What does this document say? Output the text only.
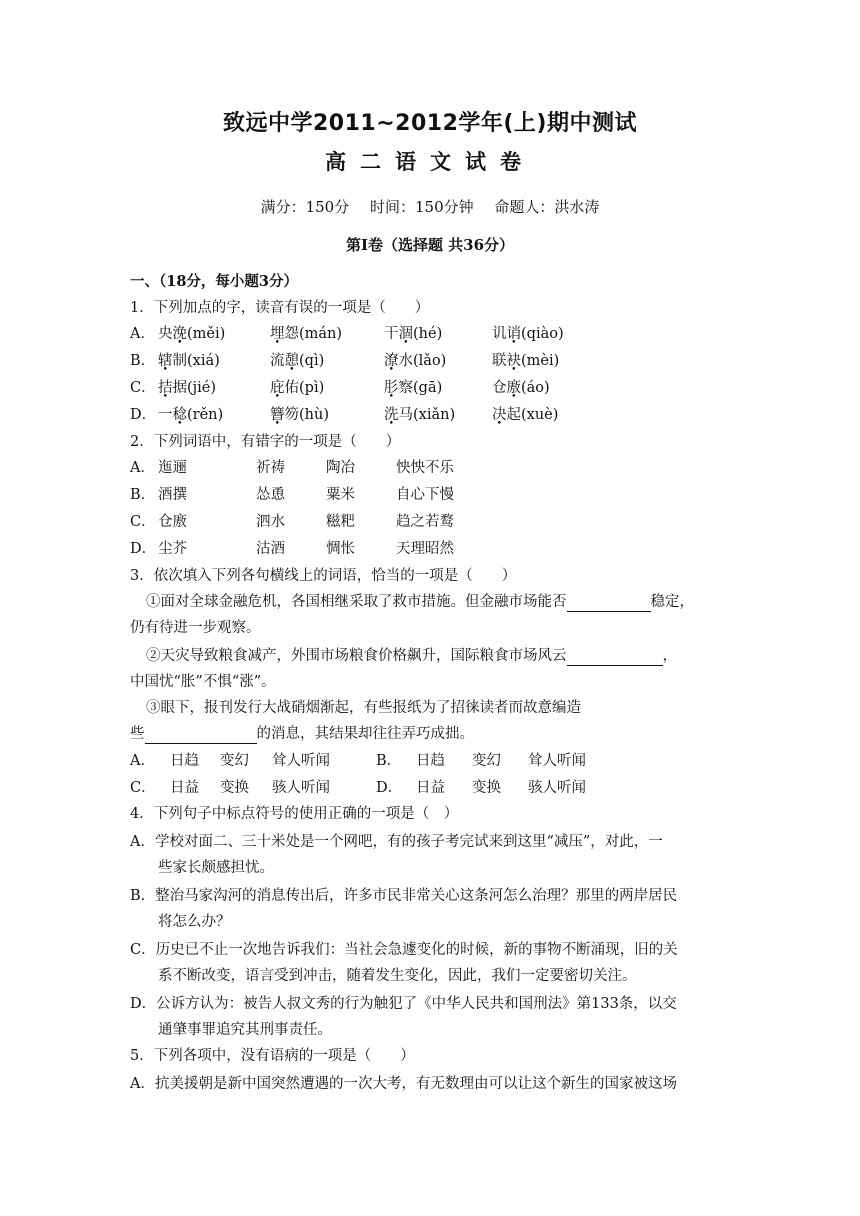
致远中学2011~2012学年(上)期中测试
高二语文试卷
满分：150分 时间：150分钟 命题人：洪水涛
第Ⅰ卷（选择题 共36分）
一、（18分，每小题3分）
1．下列加点的字，读音有误的一项是（　　）
A． 央浼(měi)	埋怨(mán)	干涸(hé)	讥诮(qiào)
B． 辖制(xiá)	流憩(qì)	潦水(lǎo)	联袂(mèi)
C． 拮据(jié)	庇佑(pì)	肜察(gā)	仓廒(áo)
D． 一稔(rěn)	簪笏(hù)	洗马(xiǎn)	决起(xuè)
2．下列词语中，有错字的一项是（　　）
A． 迤逦	祈祷	陶冶	怏怏不乐
B． 酒撰	怂恿	粟米	自心下慢
C． 仓廒	泗水	糍粑	趋之若鹜
D． 尘芥	沽酒	惆怅	天理昭然
3．依次填入下列各句横线上的词语，恰当的一项是（　　）
①面对全球金融危机，各国相继采取了救市措施。但金融市场能否	稳定，
仍有待进一步观察。
②天灾导致粮食减产，外围市场粮食价格飙升，国际粮食市场风云	，
中国忧“胀”不惧“涨”。
③眼下，报刊发行大战硝烟渐起，有些报纸为了招徕读者而故意编造
些	的消息，其结果却往往弄巧成拙。
A． 日趋 变幻 耸人听闻	B． 日趋 变幻 耸人听闻
C． 日益 变换 骇人听闻	D． 日益 变换 骇人听闻
4．下列句子中标点符号的使用正确的一项是（　）
A．学校对面二、三十米处是一个网吧，有的孩子考完试来到这里“减压”，对此，一
些家长颇感担忧。
B．整治马家沟河的消息传出后，许多市民非常关心这条河怎么治理？那里的两岸居民
将怎么办？
C．历史已不止一次地告诉我们：当社会急遽变化的时候，新的事物不断涌现，旧的关
系不断改变，语言受到冲击，随着发生变化，因此，我们一定要密切关注。
D．公诉方认为：被告人叔文秀的行为触犯了《中华人民共和国刑法》第133条，以交
通肇事罪追究其刑事责任。
5．下列各项中，没有语病的一项是（　　）
A．抗美援朝是新中国突然遭遇的一次大考，有无数理由可以让这个新生的国家被这场
